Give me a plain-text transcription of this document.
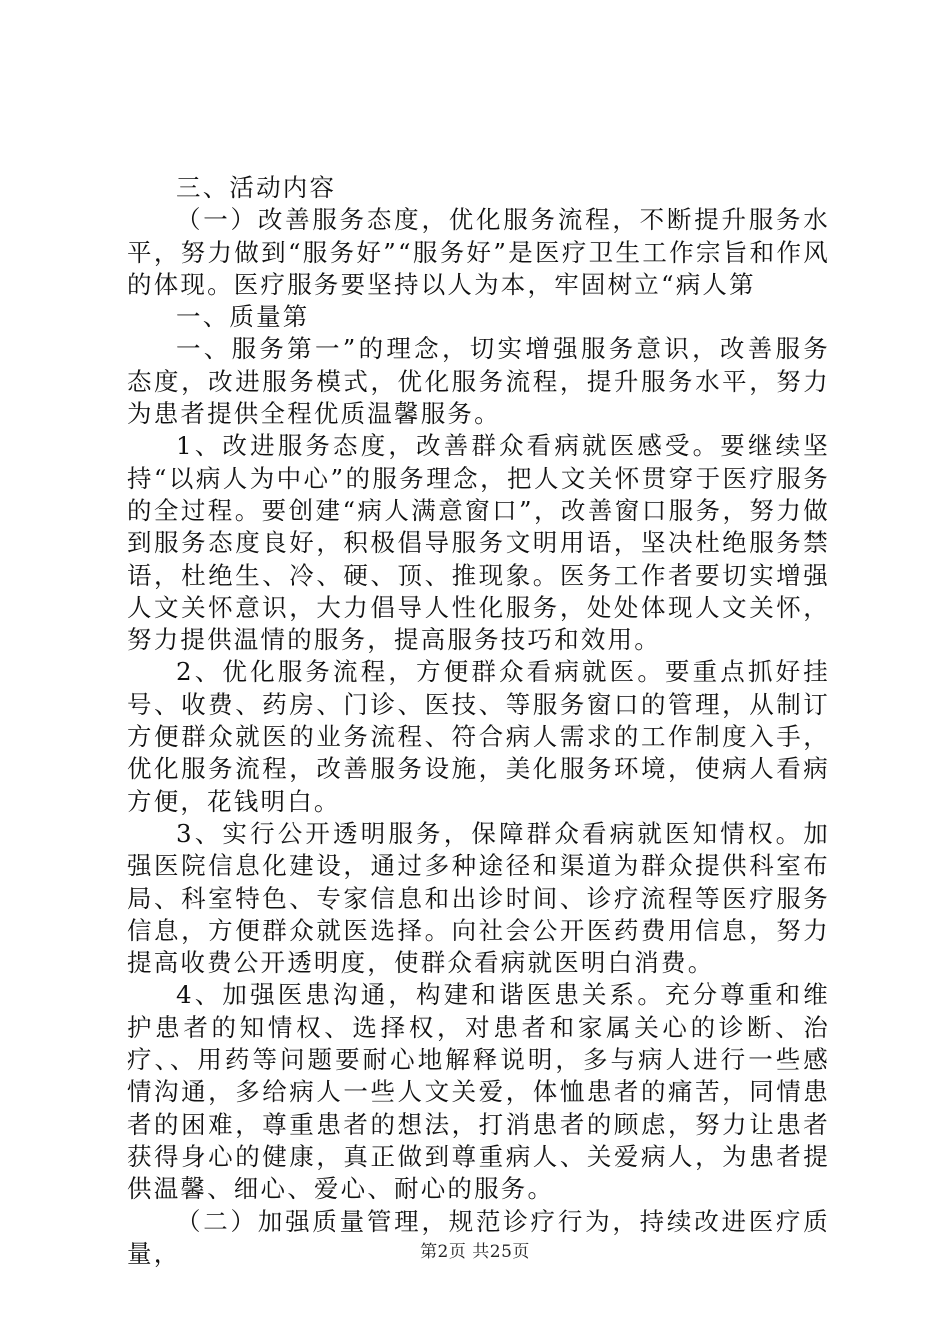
三、活动内容

（一）改善服务态度，优化服务流程，不断提升服务水平，努力做到“服务好”“服务好”是医疗卫生工作宗旨和作风的体现。医疗服务要坚持以人为本，牢固树立“病人第

一、质量第

一、服务第一”的理念，切实增强服务意识，改善服务态度，改进服务模式，优化服务流程，提升服务水平，努力为患者提供全程优质温馨服务。

1、改进服务态度，改善群众看病就医感受。要继续坚持“以病人为中心”的服务理念，把人文关怀贯穿于医疗服务的全过程。要创建“病人满意窗口”，改善窗口服务，努力做到服务态度良好，积极倡导服务文明用语，坚决杜绝服务禁语，杜绝生、冷、硬、顶、推现象。医务工作者要切实增强人文关怀意识，大力倡导人性化服务，处处体现人文关怀，努力提供温情的服务，提高服务技巧和效用。

2、优化服务流程，方便群众看病就医。要重点抓好挂号、收费、药房、门诊、医技、等服务窗口的管理，从制订方便群众就医的业务流程、符合病人需求的工作制度入手，优化服务流程，改善服务设施，美化服务环境，使病人看病方便，花钱明白。

3、实行公开透明服务，保障群众看病就医知情权。加强医院信息化建设，通过多种途径和渠道为群众提供科室布局、科室特色、专家信息和出诊时间、诊疗流程等医疗服务信息，方便群众就医选择。向社会公开医药费用信息，努力提高收费公开透明度，使群众看病就医明白消费。

4、加强医患沟通，构建和谐医患关系。充分尊重和维护患者的知情权、选择权，对患者和家属关心的诊断、治疗、、用药等问题要耐心地解释说明，多与病人进行一些感情沟通，多给病人一些人文关爱，体恤患者的痛苦，同情患者的困难，尊重患者的想法，打消患者的顾虑，努力让患者获得身心的健康，真正做到尊重病人、关爱病人，为患者提供温馨、细心、爱心、耐心的服务。

（二）加强质量管理，规范诊疗行为，持续改进医疗质量，	第2页 共25页
